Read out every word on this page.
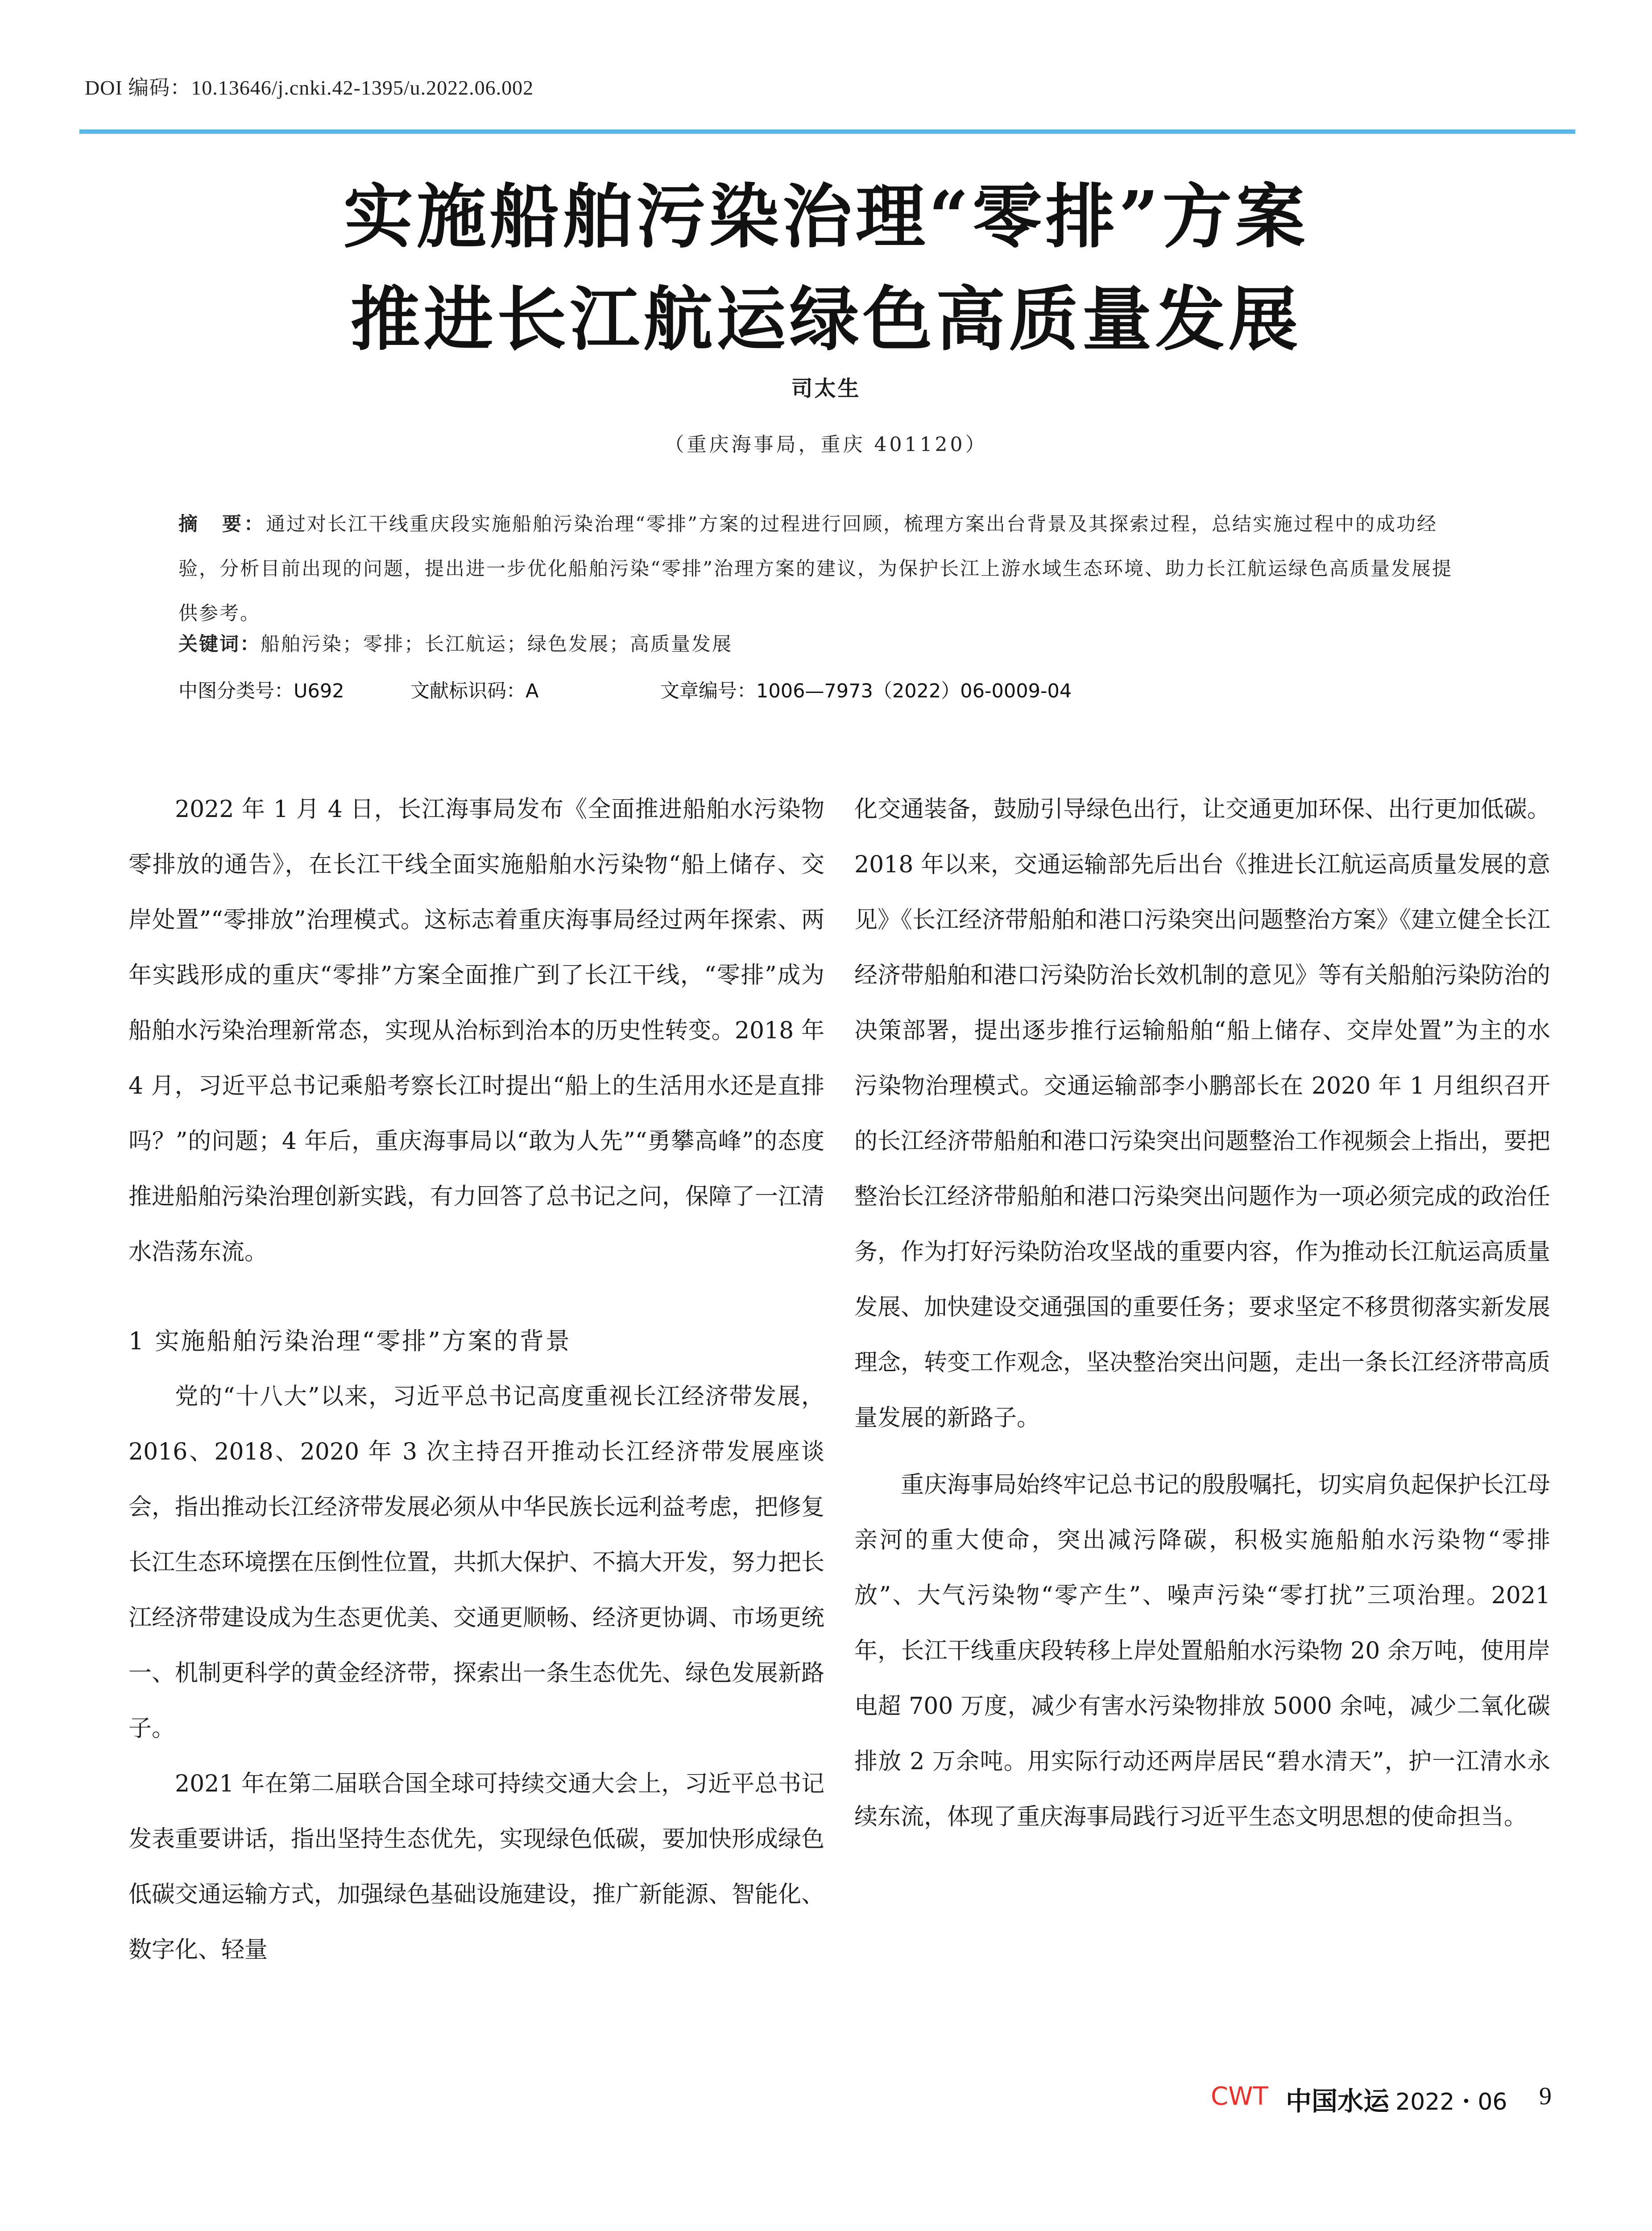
DOI 编码：10.13646/j.cnki.42-1395/u.2022.06.002
实施船舶污染治理“零排”方案
推进长江航运绿色高质量发展
司太生
（重庆海事局，重庆 401120）
摘　要：通过对长江干线重庆段实施船舶污染治理“零排”方案的过程进行回顾，梳理方案出台背景及其探索过程，总结实施过程中的成功经验，分析目前出现的问题，提出进一步优化船舶污染“零排”治理方案的建议，为保护长江上游水域生态环境、助力长江航运绿色高质量发展提供参考。
关键词：船舶污染；零排；长江航运；绿色发展；高质量发展
中图分类号：U692	文献标识码：A	文章编号：1006—7973（2022）06-0009-04

2022 年 1 月 4 日，长江海事局发布《全面推进船舶水污染物零排放的通告》，在长江干线全面实施船舶水污染物“船上储存、交岸处置”“零排放”治理模式。这标志着重庆海事局经过两年探索、两年实践形成的重庆“零排”方案全面推广到了长江干线，“零排”成为船舶水污染治理新常态，实现从治标到治本的历史性转变。2018 年 4 月，习近平总书记乘船考察长江时提出“船上的生活用水还是直排吗？”的问题；4 年后，重庆海事局以“敢为人先”“勇攀高峰”的态度推进船舶污染治理创新实践，有力回答了总书记之问，保障了一江清水浩荡东流。

1 实施船舶污染治理“零排”方案的背景

党的“十八大”以来，习近平总书记高度重视长江经济带发展，2016、2018、2020 年 3 次主持召开推动长江经济带发展座谈会，指出推动长江经济带发展必须从中华民族长远利益考虑，把修复长江生态环境摆在压倒性位置，共抓大保护、不搞大开发，努力把长江经济带建设成为生态更优美、交通更顺畅、经济更协调、市场更统一、机制更科学的黄金经济带，探索出一条生态优先、绿色发展新路子。

2021 年在第二届联合国全球可持续交通大会上，习近平总书记发表重要讲话，指出坚持生态优先，实现绿色低碳，要加快形成绿色低碳交通运输方式，加强绿色基础设施建设，推广新能源、智能化、数字化、轻量

化交通装备，鼓励引导绿色出行，让交通更加环保、出行更加低碳。2018 年以来，交通运输部先后出台《推进长江航运高质量发展的意见》《长江经济带船舶和港口污染突出问题整治方案》《建立健全长江经济带船舶和港口污染防治长效机制的意见》等有关船舶污染防治的决策部署，提出逐步推行运输船舶“船上储存、交岸处置”为主的水污染物治理模式。交通运输部李小鹏部长在 2020 年 1 月组织召开的长江经济带船舶和港口污染突出问题整治工作视频会上指出，要把整治长江经济带船舶和港口污染突出问题作为一项必须完成的政治任务，作为打好污染防治攻坚战的重要内容，作为推动长江航运高质量发展、加快建设交通强国的重要任务；要求坚定不移贯彻落实新发展理念，转变工作观念，坚决整治突出问题，走出一条长江经济带高质量发展的新路子。

重庆海事局始终牢记总书记的殷殷嘱托，切实肩负起保护长江母亲河的重大使命，突出减污降碳，积极实施船舶水污染物“零排放”、大气污染物“零产生”、噪声污染“零打扰”三项治理。2021 年，长江干线重庆段转移上岸处置船舶水污染物 20 余万吨，使用岸电超 700 万度，减少有害水污染物排放 5000 余吨，减少二氧化碳排放 2 万余吨。用实际行动还两岸居民“碧水清天”，护一江清水永续东流，体现了重庆海事局践行习近平生态文明思想的使命担当。

CWT 中国水运 2022・06 9
